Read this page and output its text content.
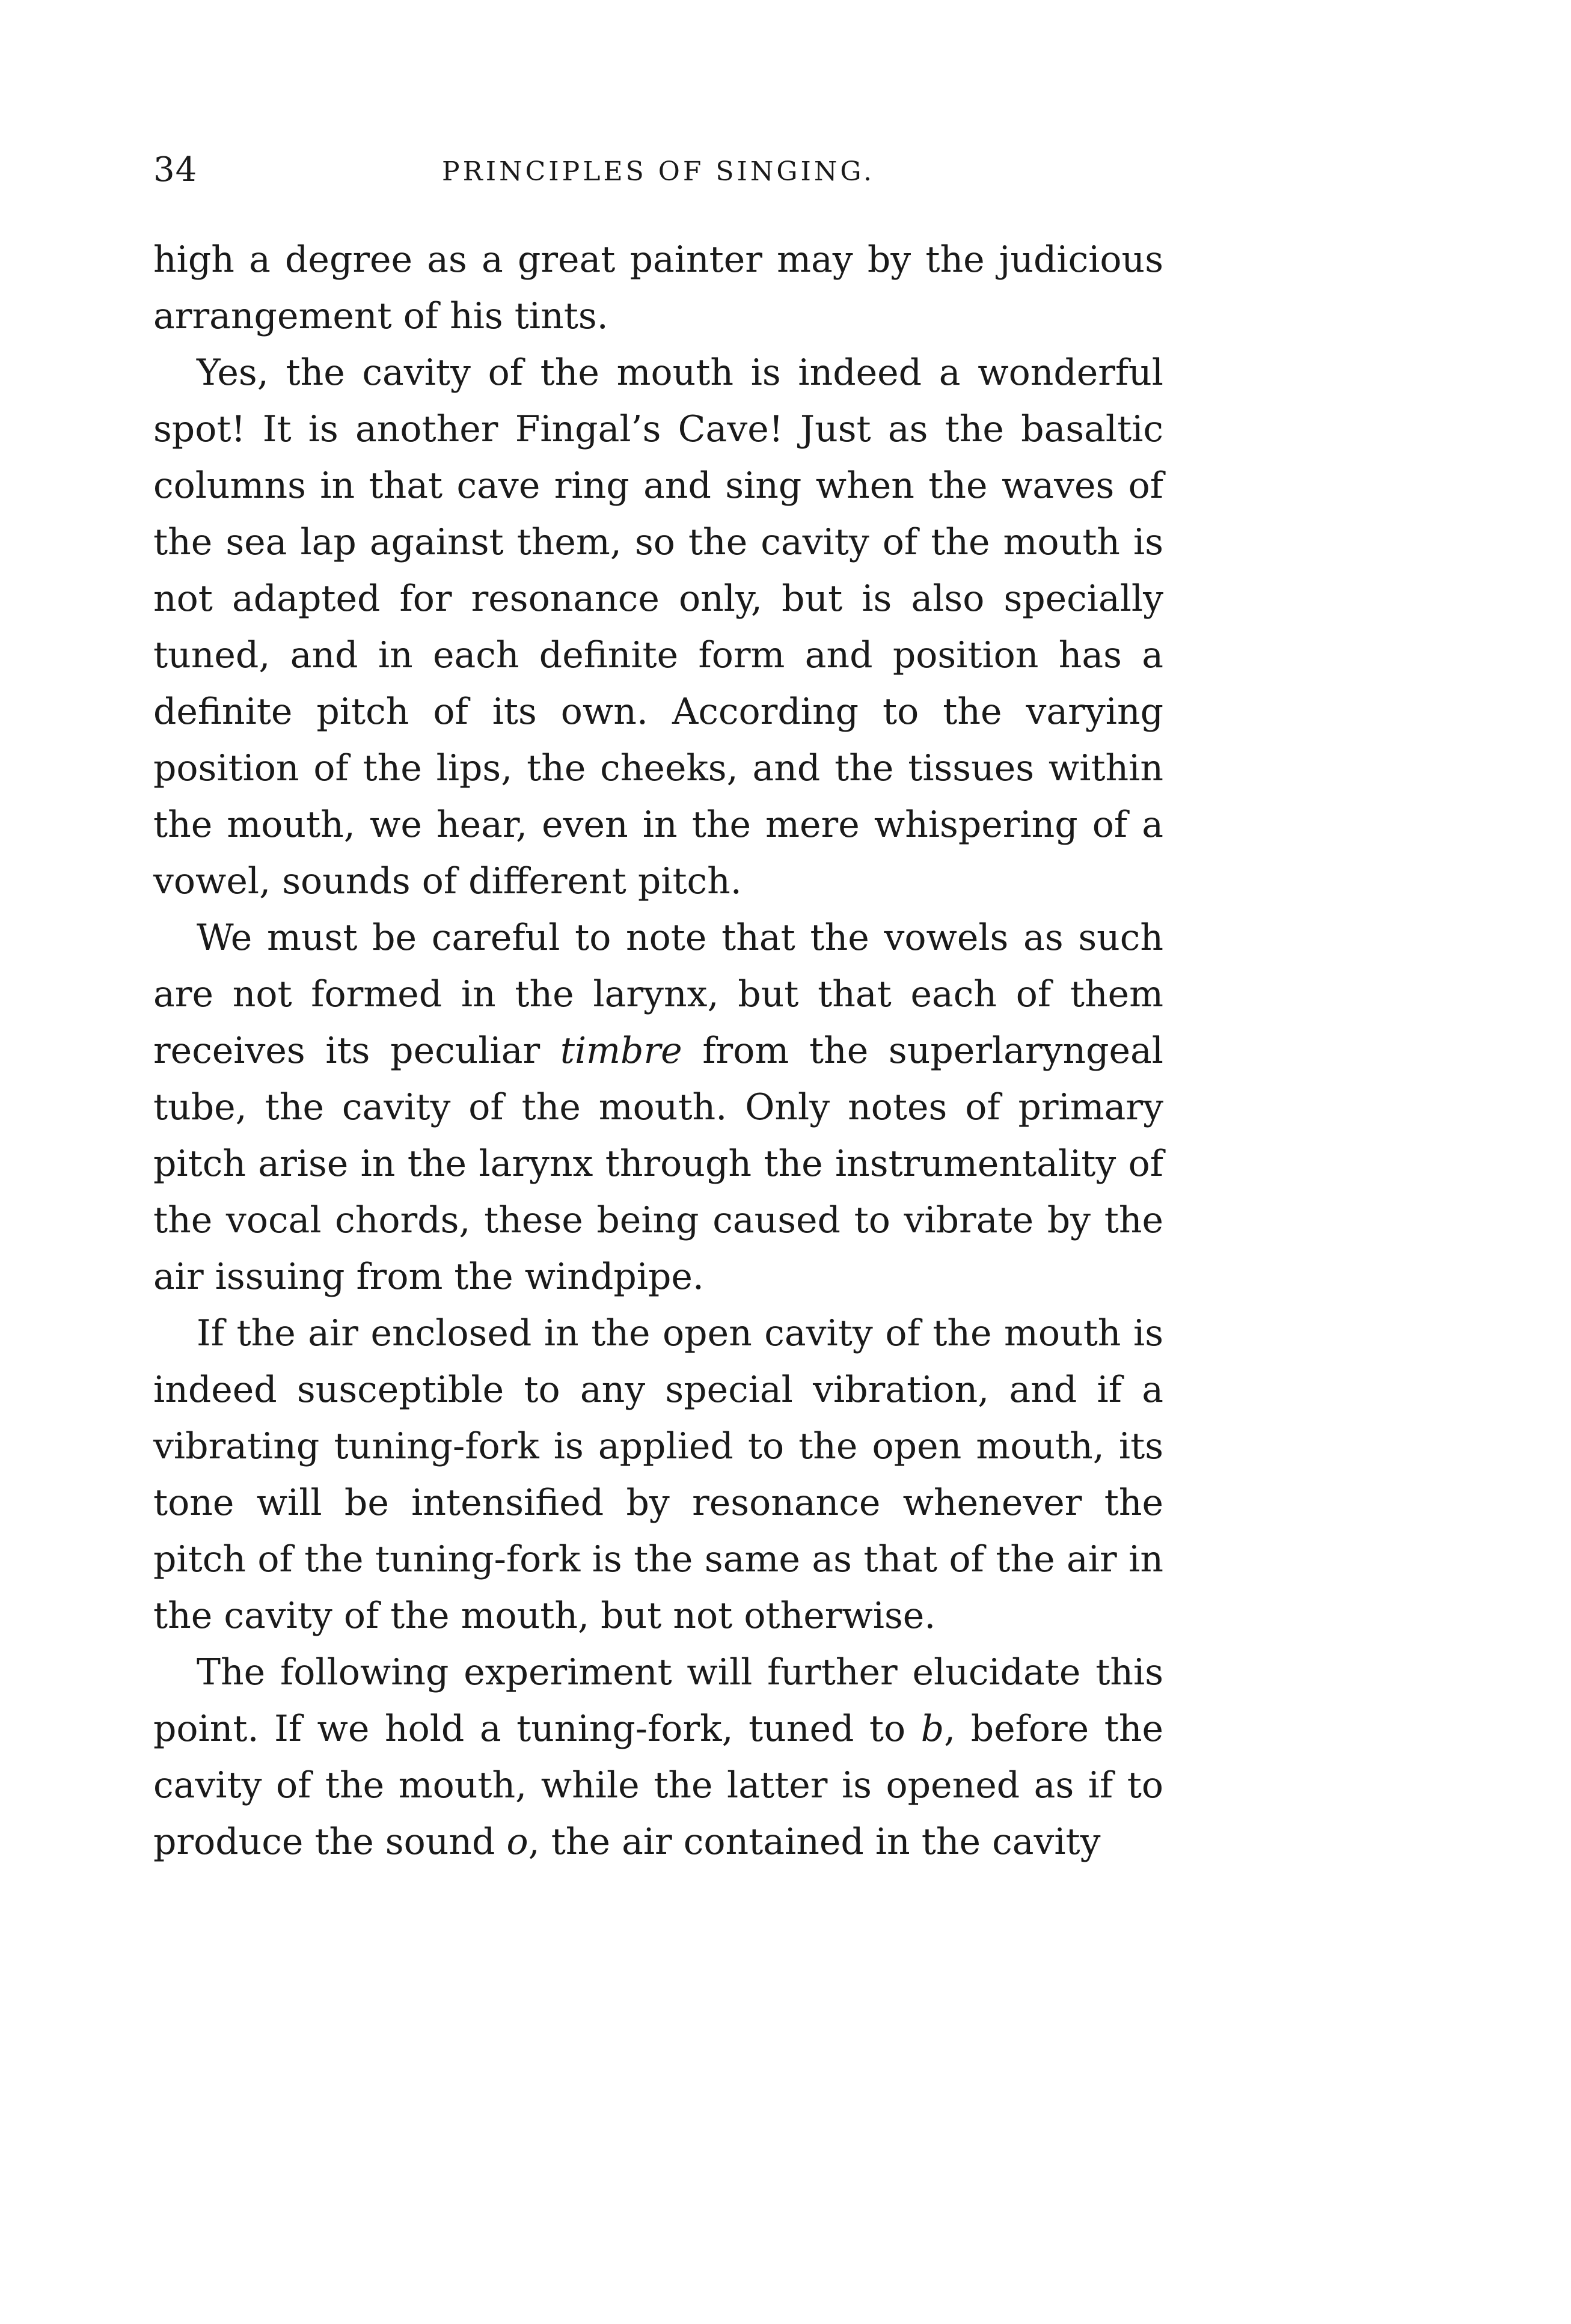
34	PRINCIPLES OF SINGING.

high a degree as a great painter may by the judicious arrangement of his tints.

Yes, the cavity of the mouth is indeed a wonderful spot! It is another Fingal’s Cave! Just as the basaltic columns in that cave ring and sing when the waves of the sea lap against them, so the cavity of the mouth is not adapted for resonance only, but is also specially tuned, and in each definite form and position has a definite pitch of its own. According to the varying position of the lips, the cheeks, and the tissues within the mouth, we hear, even in the mere whispering of a vowel, sounds of different pitch.

We must be careful to note that the vowels as such are not formed in the larynx, but that each of them receives its peculiar timbre from the superlaryngeal tube, the cavity of the mouth. Only notes of primary pitch arise in the larynx through the instrumentality of the vocal chords, these being caused to vibrate by the air issuing from the windpipe.

If the air enclosed in the open cavity of the mouth is indeed susceptible to any special vibration, and if a vibrating tuning-fork is applied to the open mouth, its tone will be intensified by resonance whenever the pitch of the tuning-fork is the same as that of the air in the cavity of the mouth, but not otherwise.

The following experiment will further elucidate this point. If we hold a tuning-fork, tuned to b, before the cavity of the mouth, while the latter is opened as if to produce the sound o, the air contained in the cavity
